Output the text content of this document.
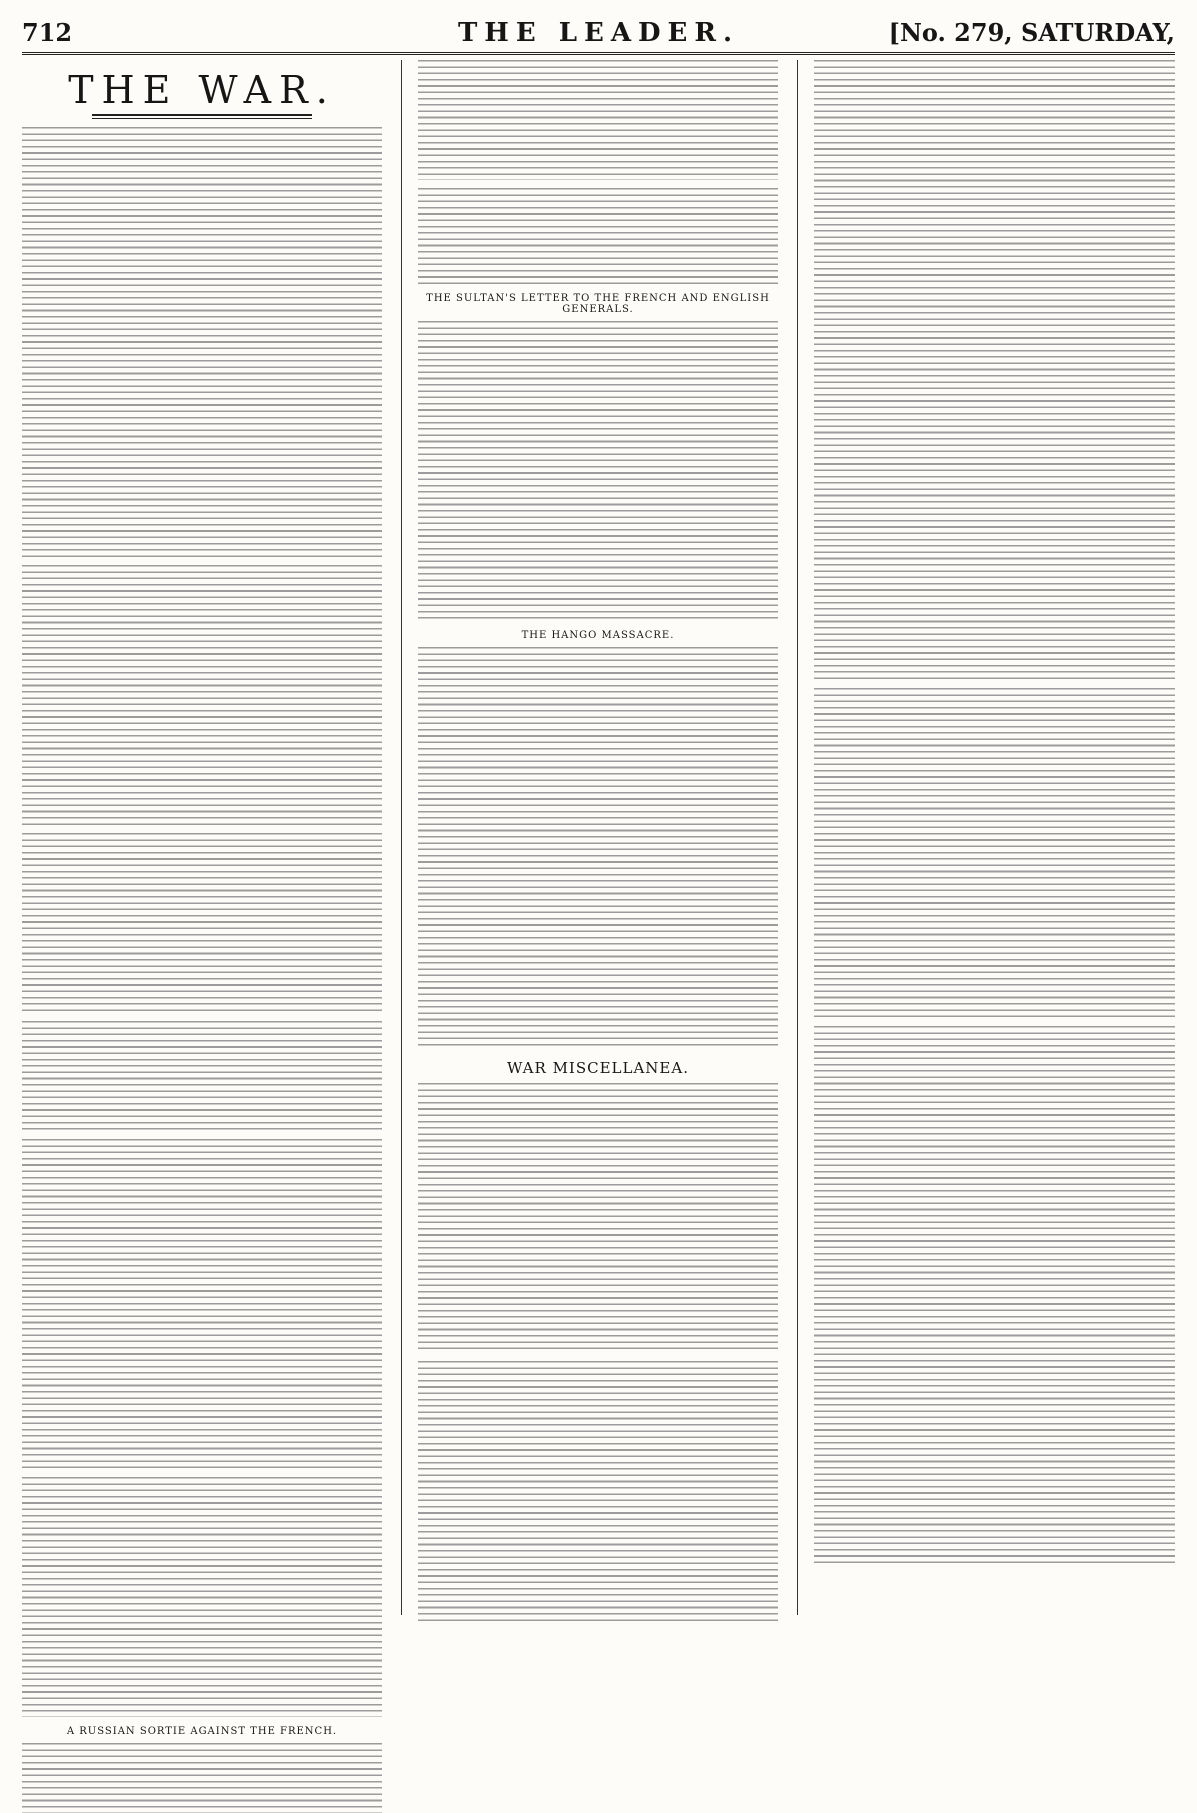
712	THE LEADER.	[No. 279, SATURDAY,
THE WAR.
A RUSSIAN SORTIE AGAINST THE FRENCH.
THE SULTAN'S LETTER TO THE FRENCH AND ENGLISH GENERALS.
THE HANGO MASSACRE.
WAR MISCELLANEA.
